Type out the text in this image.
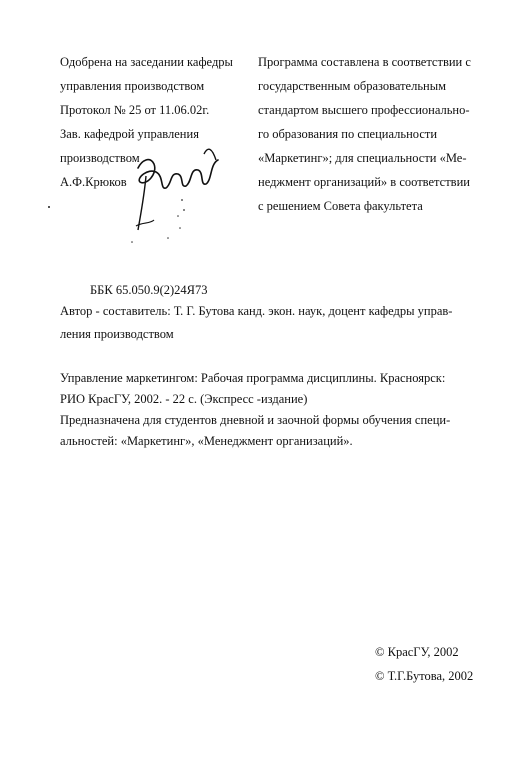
Одобрена на заседании кафедры
управления производством
Протокол № 25 от 11.06.02г.
Зав. кафедрой управления
производством
А.Ф.Крюков
Программа составлена в соответствии с
государственным образовательным
стандартом высшего профессионально-
го образования по специальности
«Маркетинг»; для специальности «Ме-
неджмент организаций» в соответствии
с решением Совета факультета
ББК 65.050.9(2)24Я73
Автор - составитель: Т. Г. Бутова канд. экон. наук, доцент кафедры управ-
ления производством
Управление маркетингом: Рабочая программа дисциплины. Красноярск:
РИО КрасГУ, 2002. - 22 с. (Экспресс -издание)
Предназначена для студентов дневной и заочной формы обучения специ-
альностей: «Маркетинг», «Менеджмент организаций».
© КрасГУ, 2002
© Т.Г.Бутова, 2002
